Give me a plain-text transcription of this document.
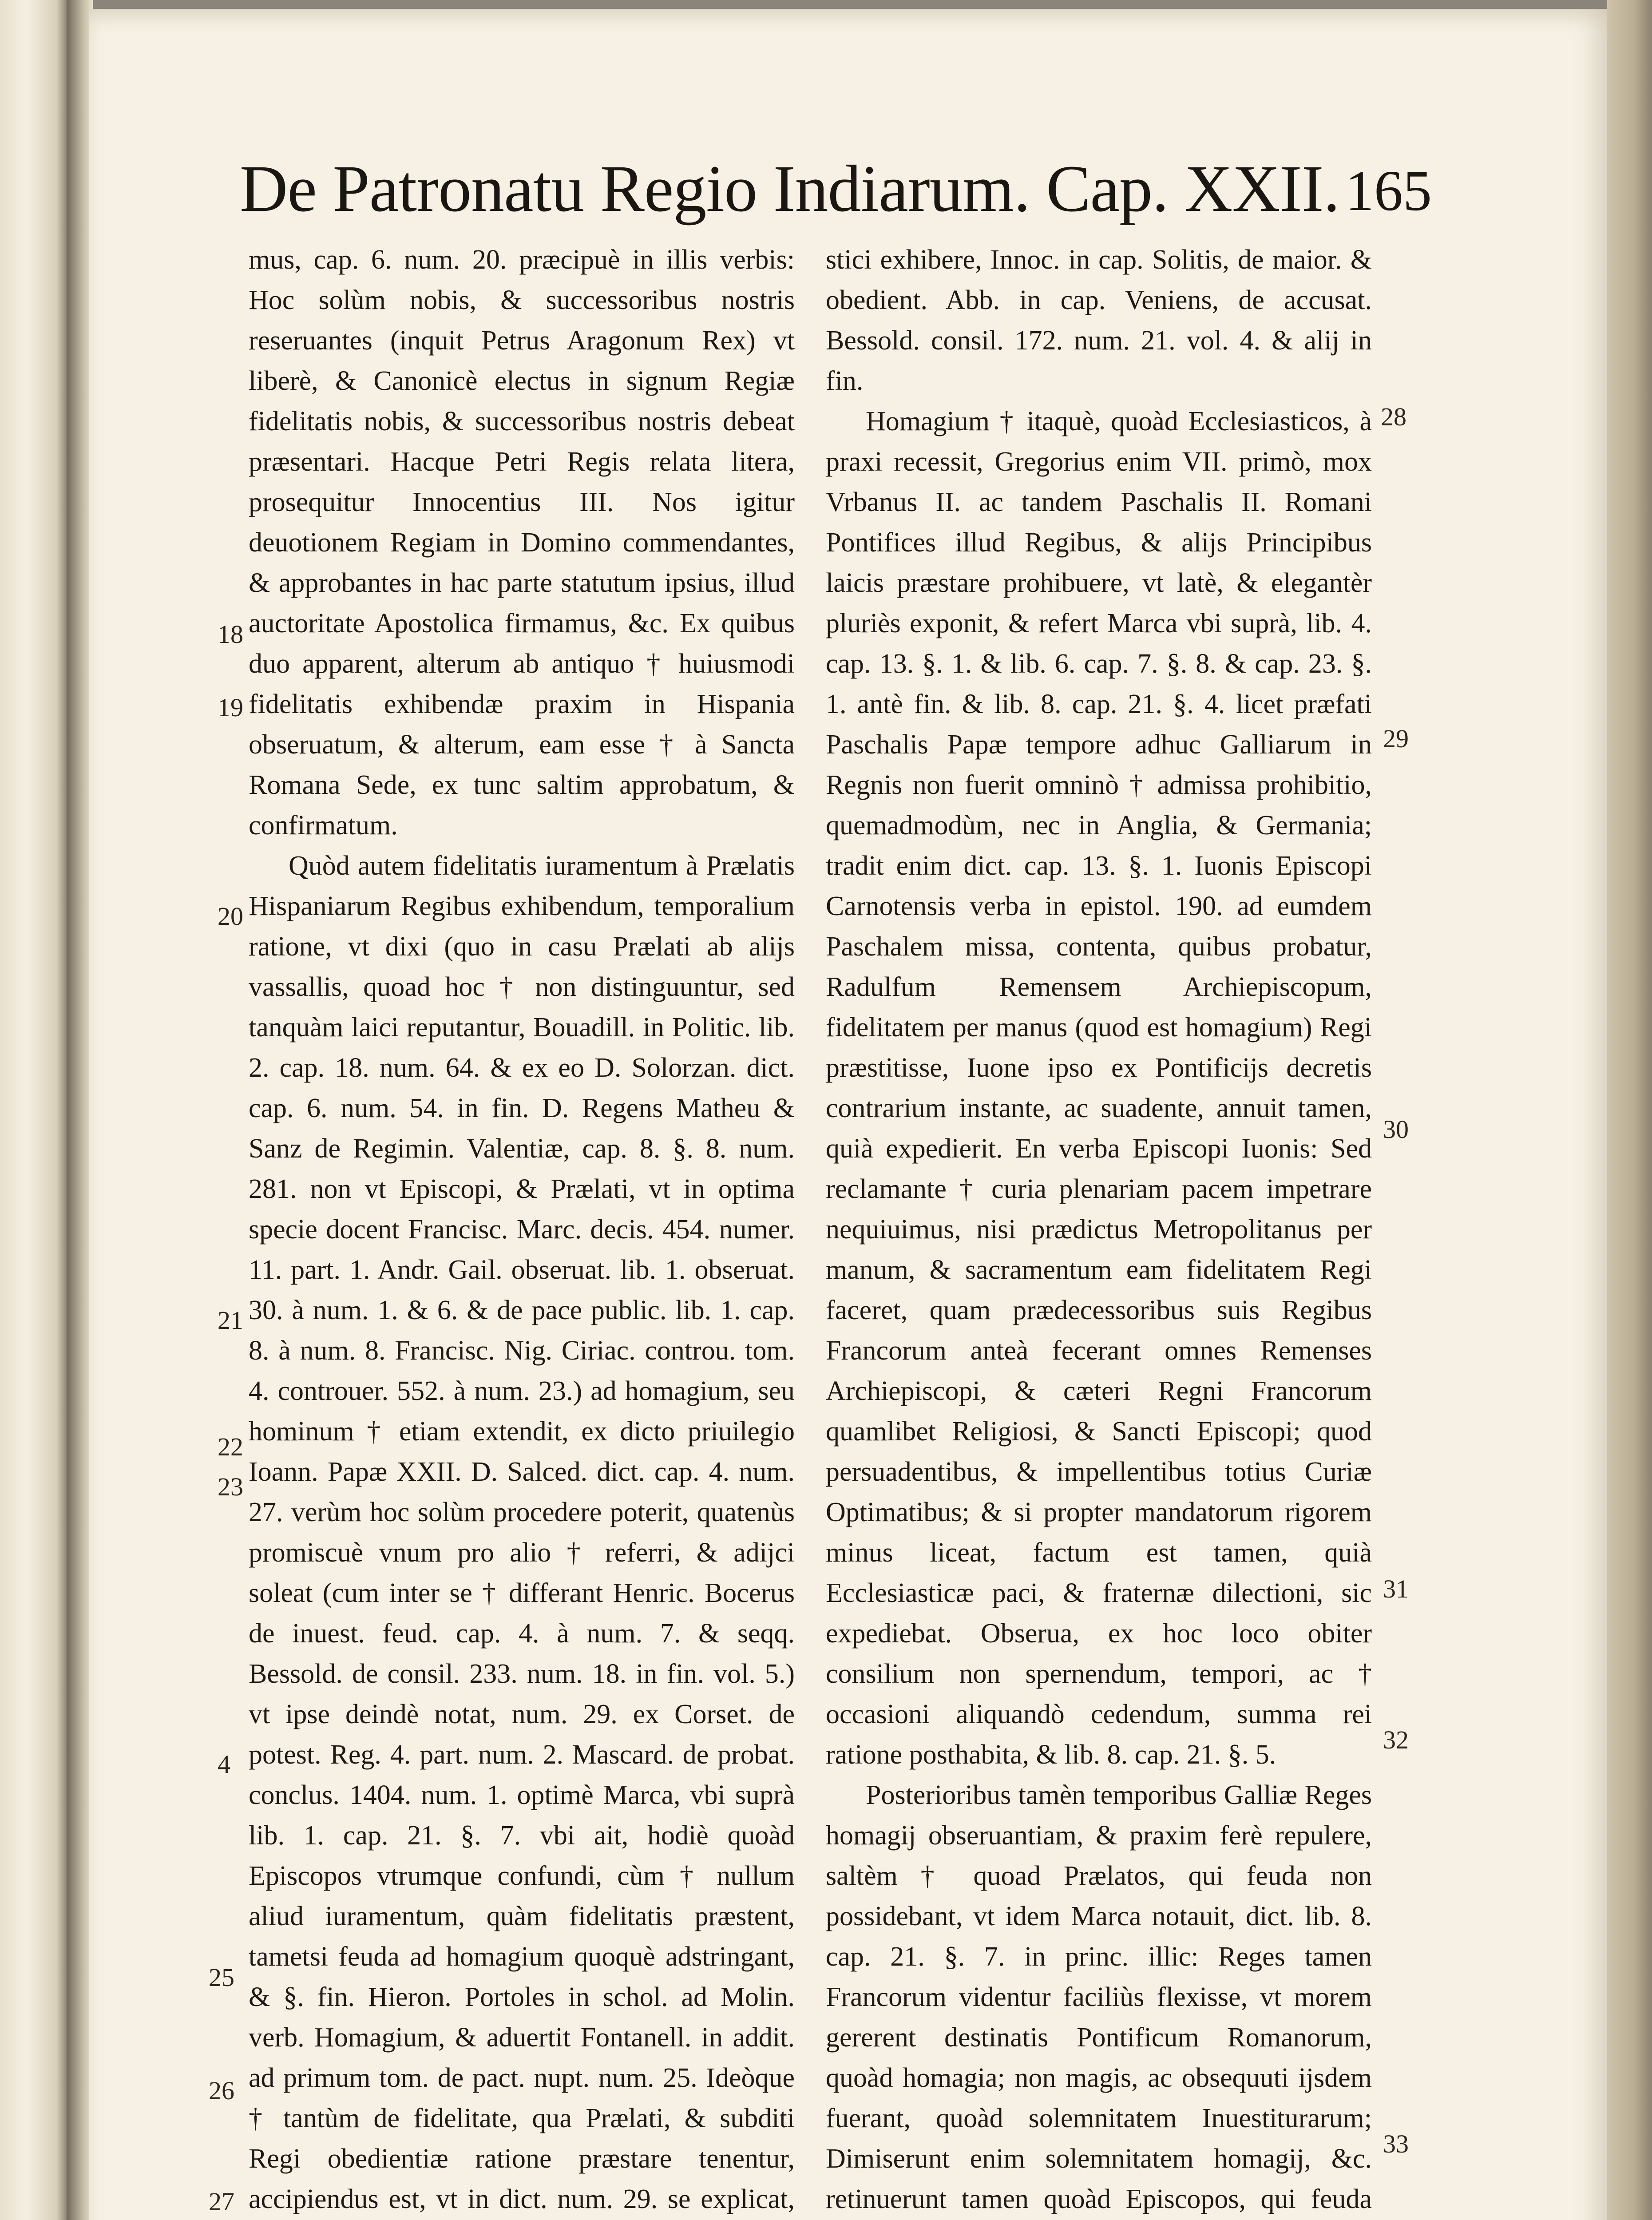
De Patronatu Regio Indiarum. Cap. XXII. 165

mus, cap. 6. num. 20. præcipuè in illis verbis: Hoc solùm nobis, & successoribus nostris reseruantes (inquit Petrus Aragonum Rex) vt liberè, & Canonicè electus in signum Regiæ fidelitatis nobis, & successoribus nostris debeat præsentari. Hacque Petri Regis relata litera, prosequitur Innocentius III. Nos igitur deuotionem Regiam in Domino commendantes, & approbantes in hac parte statutum ipsius, illud auctoritate Apostolica firmamus, &c. Ex quibus duo apparent, alterum ab antiquo † huiusmodi fidelitatis exhibendæ praxim in Hispania obseruatum, & alterum, eam esse † à Sancta Romana Sede, ex tunc saltim approbatum, & confirmatum.

Quòd autem fidelitatis iuramentum à Prælatis Hispaniarum Regibus exhibendum, temporalium ratione, vt dixi (quo in casu Prælati ab alijs vassallis, quoad hoc † non distinguuntur, sed tanquàm laici reputantur, Bouadill. in Politic. lib. 2. cap. 18. num. 64. & ex eo D. Solorzan. dict. cap. 6. num. 54. in fin. D. Regens Matheu & Sanz de Regimin. Valentiæ, cap. 8. §. 8. num. 281. non vt Episcopi, & Prælati, vt in optima specie docent Francisc. Marc. decis. 454. numer. 11. part. 1. Andr. Gail. obseruat. lib. 1. obseruat. 30. à num. 1. & 6. & de pace public. lib. 1. cap. 8. à num. 8. Francisc. Nig. Ciriac. controu. tom. 4. controuer. 552. à num. 23.) ad homagium, seu hominum † etiam extendit, ex dicto priuilegio Ioann. Papæ XXII. D. Salced. dict. cap. 4. num. 27. verùm hoc solùm procedere poterit, quatenùs promiscuè vnum pro alio † referri, & adijci soleat (cum inter se † differant Henric. Bocerus de inuest. feud. cap. 4. à num. 7. & seqq. Bessold. de consil. 233. num. 18. in fin. vol. 5.) vt ipse deindè notat, num. 29. ex Corset. de potest. Reg. 4. part. num. 2. Mascard. de probat. conclus. 1404. num. 1. optimè Marca, vbi suprà lib. 1. cap. 21. §. 7. vbi ait, hodiè quoàd Episcopos vtrumque confundi, cùm † nullum aliud iuramentum, quàm fidelitatis præstent, tametsi feuda ad homagium quoquè adstringant, & §. fin. Hieron. Portoles in schol. ad Molin. verb. Homagium, & aduertit Fontanell. in addit. ad primum tom. de pact. nupt. num. 25. Ideòque † tantùm de fidelitate, qua Prælati, & subditi Regi obedientiæ ratione præstare tenentur, accipiendus est, vt in dict. num. 29. se explicat,

stici exhibere, Innoc. in cap. Solitis, de maior. & obedient. Abb. in cap. Veniens, de accusat. Bessold. consil. 172. num. 21. vol. 4. & alij in fin.

Homagium † itaquè, quoàd Ecclesiasticos, à praxi recessit, Gregorius enim VII. primò, mox Vrbanus II. ac tandem Paschalis II. Romani Pontifices illud Regibus, & alijs Principibus laicis præstare prohibuere, vt latè, & elegantèr pluriès exponit, & refert Marca vbi suprà, lib. 4. cap. 13. §. 1. & lib. 6. cap. 7. §. 8. & cap. 23. §. 1. antè fin. & lib. 8. cap. 21. §. 4. licet præfati Paschalis Papæ tempore adhuc Galliarum in Regnis non fuerit omninò † admissa prohibitio, quemadmodùm, nec in Anglia, & Germania; tradit enim dict. cap. 13. §. 1. Iuonis Episcopi Carnotensis verba in epistol. 190. ad eumdem Paschalem missa, contenta, quibus probatur, Radulfum Remensem Archiepiscopum, fidelitatem per manus (quod est homagium) Regi præstitisse, Iuone ipso ex Pontificijs decretis contrarium instante, ac suadente, annuit tamen, quià expedierit. En verba Episcopi Iuonis: Sed reclamante † curia plenariam pacem impetrare nequiuimus, nisi prædictus Metropolitanus per manum, & sacramentum eam fidelitatem Regi faceret, quam prædecessoribus suis Regibus Francorum anteà fecerant omnes Remenses Archiepiscopi, & cæteri Regni Francorum quamlibet Religiosi, & Sancti Episcopi; quod persuadentibus, & impellentibus totius Curiæ Optimatibus; & si propter mandatorum rigorem minus liceat, factum est tamen, quià Ecclesiasticæ paci, & fraternæ dilectioni, sic expediebat. Obserua, ex hoc loco obiter consilium non spernendum, tempori, ac † occasioni aliquandò cedendum, summa rei ratione posthabita, & lib. 8. cap. 21. §. 5.

Posterioribus tamèn temporibus Galliæ Reges homagij obseruantiam, & praxim ferè repulere, saltèm † quoad Prælatos, qui feuda non possidebant, vt idem Marca notauit, dict. lib. 8. cap. 21. §. 7. in princ. illic: Reges tamen Francorum videntur faciliùs flexisse, vt morem gererent destinatis Pontificum Romanorum, quoàd homagia; non magis, ac obsequuti ijsdem fuerant, quoàd solemnitatem Inuestiturarum; Dimiserunt enim solemnitatem homagij, &c. retinuerunt tamen quoàd Episcopos, qui feuda

18
19
20
21
22
23
4
25
26
27
28
29
30
31
32
33
